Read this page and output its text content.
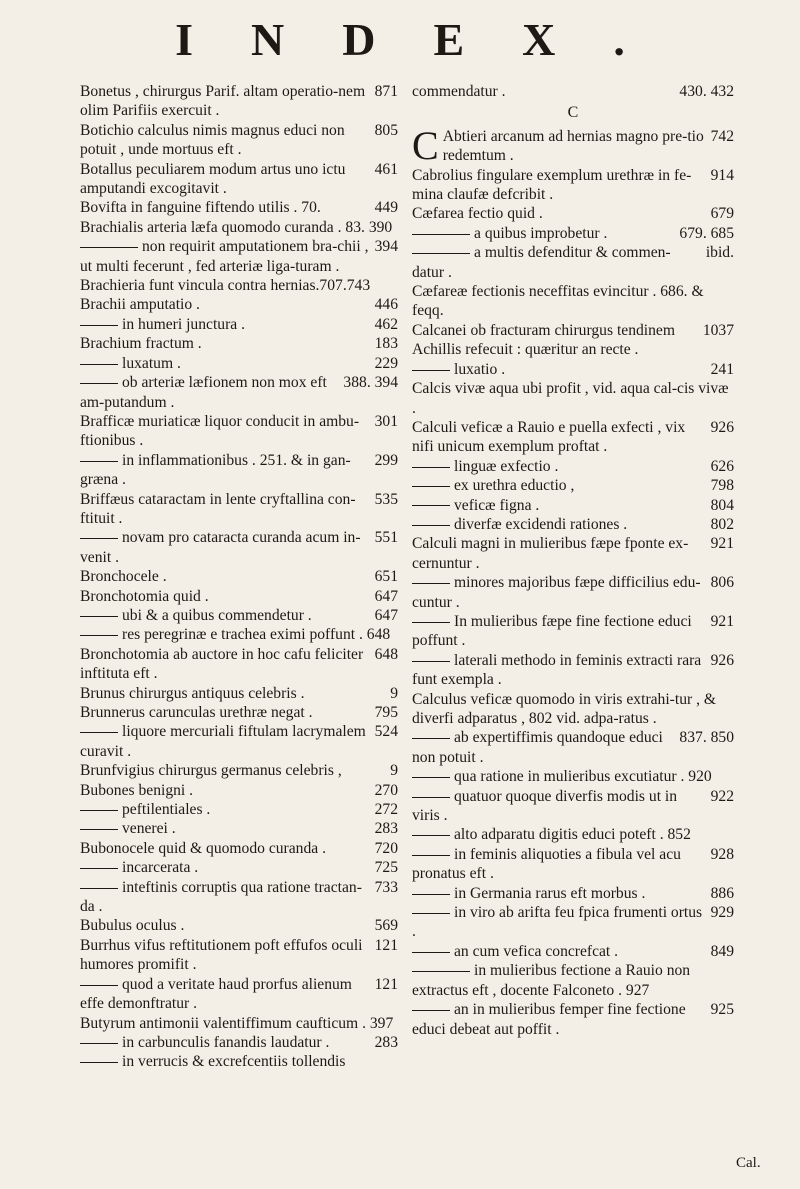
INDEX.
871
Bonetus , chirurgus Parif. altam operatio-nem olim Parifiis exercuit .
805
Botichio calculus nimis magnus educi non potuit , unde mortuus eft .
461
Botallus peculiarem modum artus uno ictu amputandi excogitavit .
449
Bovifta in fanguine fiftendo utilis . 70.
Brachialis arteria læfa quomodo curanda . 83. 390
394
non requirit amputationem bra-chii , ut multi fecerunt , fed arteriæ liga-turam .
Brachieria funt vincula contra hernias.707.743
446
Brachii amputatio .
462
in humeri junctura .
183
Brachium fractum .
229
luxatum .
388. 394
ob arteriæ læfionem non mox eft am-putandum .
301
Brafficæ muriaticæ liquor conducit in ambu-ftionibus .
299
in inflammationibus . 251. & in gan-græna .
535
Briffæus cataractam in lente cryftallina con-ftituit .
551
novam pro cataracta curanda acum in-venit .
651
Bronchocele .
647
Bronchotomia quid .
647
ubi & a quibus commendetur .
res peregrinæ e trachea eximi poffunt . 648
648
Bronchotomia ab auctore in hoc cafu feliciter inftituta eft .
9
Brunus chirurgus antiquus celebris .
795
Brunnerus carunculas urethræ negat .
524
liquore mercuriali fiftulam lacrymalem curavit .
9
Brunfvigius chirurgus germanus celebris ,
270
Bubones benigni .
272
peftilentiales .
283
venerei .
720
Bubonocele quid & quomodo curanda .
725
incarcerata .
733
inteftinis corruptis qua ratione tractan-da .
569
Bubulus oculus .
121
Burrhus vifus reftitutionem poft effufos oculi humores promifit .
121
quod a veritate haud prorfus alienum effe demonftratur .
Butyrum antimonii valentiffimum caufticum . 397
283
in carbunculis fanandis laudatur .
in verrucis & excrefcentiis tollendis
commendatur .	430. 432
C
742
C Abtieri arcanum ad hernias magno pre-tio redemtum .
914
Cabrolius fingulare exemplum urethræ in fe-mina claufæ defcribit .
679
Cæfarea fectio quid .
679. 685
a quibus improbetur .
ibid.
a multis defenditur & commen-datur .
Cæfareæ fectionis neceffitas evincitur . 686. & feqq.
1037
Calcanei ob fracturam chirurgus tendinem Achillis refecuit : quæritur an recte .
241
luxatio .
Calcis vivæ aqua ubi profit , vid. aqua cal-cis vivæ .
926
Calculi veficæ a Rauio e puella exfecti , vix nifi unicum exemplum proftat .
626
linguæ exfectio .
798
ex urethra eductio ,
804
veficæ figna .
802
diverfæ excidendi rationes .
921
Calculi magni in mulieribus fæpe fponte ex-cernuntur .
806
minores majoribus fæpe difficilius edu-cuntur .
921
In mulieribus fæpe fine fectione educi poffunt .
926
laterali methodo in feminis extracti rara funt exempla .
Calculus veficæ quomodo in viris extrahi-tur , & diverfi adparatus , 802 vid. adpa-ratus .
837. 850
ab expertiffimis quandoque educi non potuit .
qua ratione in mulieribus excutiatur . 920
922
quatuor quoque diverfis modis ut in viris .
alto adparatu digitis educi poteft . 852
928
in feminis aliquoties a fibula vel acu pronatus eft .
886
in Germania rarus eft morbus .
929
in viro ab arifta feu fpica frumenti ortus .
849
an cum vefica concrefcat .
in mulieribus fectione a Rauio non extractus eft , docente Falconeto . 927
925
an in mulieribus femper fine fectione educi debeat aut poffit .
Cal.
